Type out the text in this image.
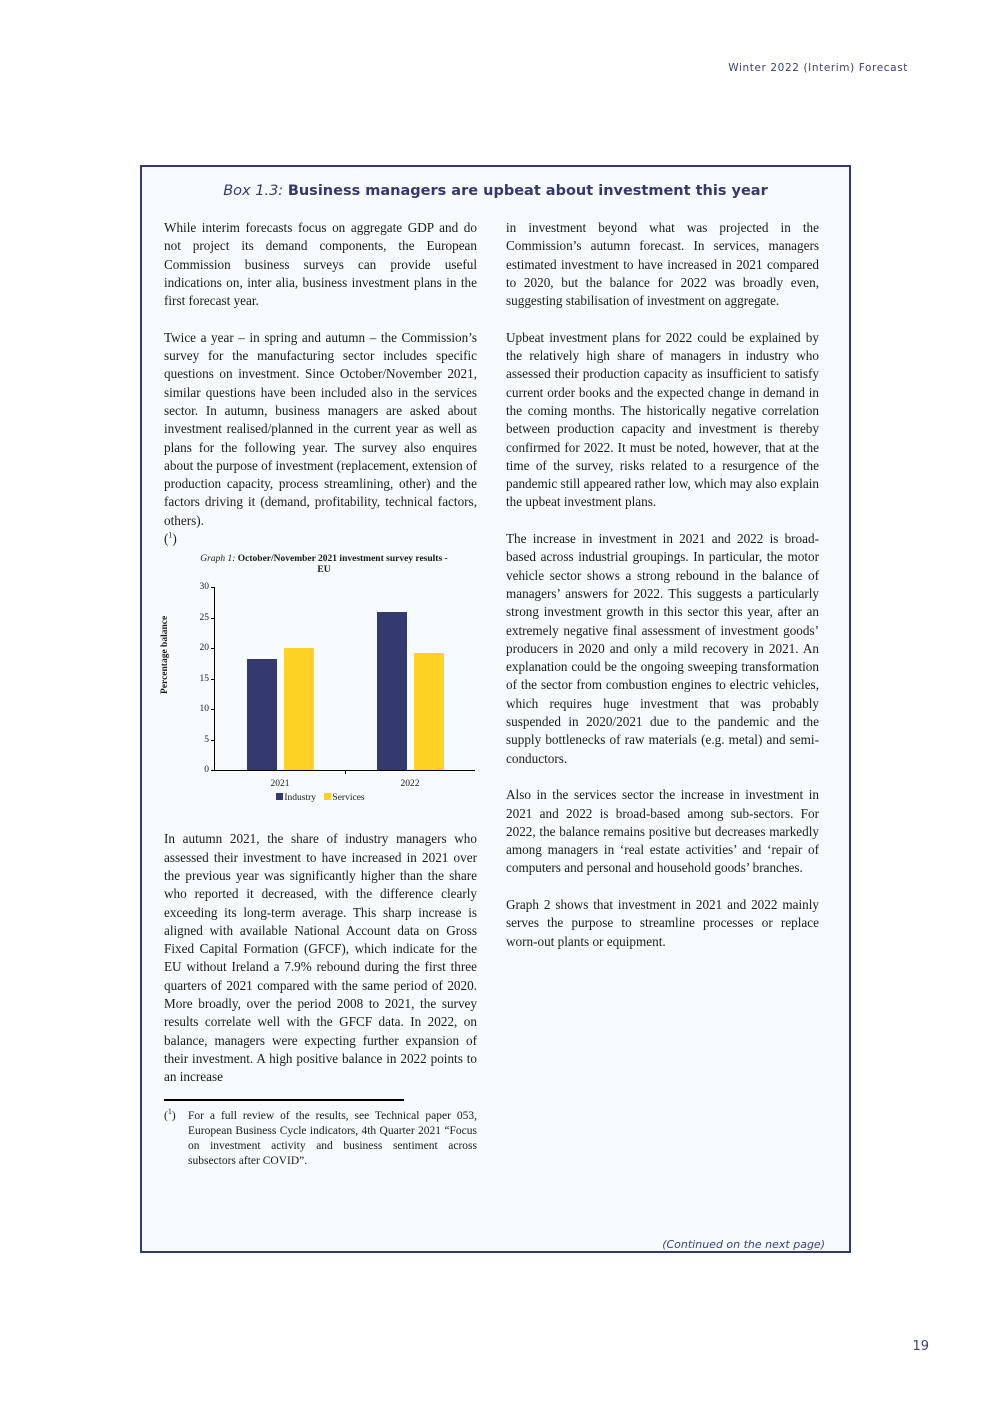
Winter 2022 (Interim) Forecast
Box 1.3: Business managers are upbeat about investment this year

While interim forecasts focus on aggregate GDP and do not project its demand components, the European Commission business surveys can provide useful indications on, inter alia, business investment plans in the first forecast year.

Twice a year – in spring and autumn – the Commission’s survey for the manufacturing sector includes specific questions on investment. Since October/November 2021, similar questions have been included also in the services sector. In autumn, business managers are asked about investment realised/planned in the current year as well as plans for the following year. The survey also enquires about the purpose of investment (replacement, extension of production capacity, process streamlining, other) and the factors driving it (demand, profitability, technical factors, others).
($^1$)

Graph 1: October/November 2021 investment survey results - EU
Percentage balance
0
5
10
15
20
25
30
2021	2022
Industry Services

In autumn 2021, the share of industry managers who assessed their investment to have increased in 2021 over the previous year was significantly higher than the share who reported it decreased, with the difference clearly exceeding its long-term average. This sharp increase is aligned with available National Account data on Gross Fixed Capital Formation (GFCF), which indicate for the EU without Ireland a 7.9% rebound during the first three quarters of 2021 compared with the same period of 2020. More broadly, over the period 2008 to 2021, the survey results correlate well with the GFCF data. In 2022, on balance, managers were expecting further expansion of their investment. A high positive balance in 2022 points to an increase

($^1$)	For a full review of the results, see Technical paper 053, European Business Cycle indicators, 4th Quarter 2021 “Focus on investment activity and business sentiment across subsectors after COVID”.

in investment beyond what was projected in the Commission’s autumn forecast. In services, managers estimated investment to have increased in 2021 compared to 2020, but the balance for 2022 was broadly even, suggesting stabilisation of investment on aggregate.

Upbeat investment plans for 2022 could be explained by the relatively high share of managers in industry who assessed their production capacity as insufficient to satisfy current order books and the expected change in demand in the coming months. The historically negative correlation between production capacity and investment is thereby confirmed for 2022. It must be noted, however, that at the time of the survey, risks related to a resurgence of the pandemic still appeared rather low, which may also explain the upbeat investment plans.

The increase in investment in 2021 and 2022 is broad-based across industrial groupings. In particular, the motor vehicle sector shows a strong rebound in the balance of managers’ answers for 2022. This suggests a particularly strong investment growth in this sector this year, after an extremely negative final assessment of investment goods’ producers in 2020 and only a mild recovery in 2021. An explanation could be the ongoing sweeping transformation of the sector from combustion engines to electric vehicles, which requires huge investment that was probably suspended in 2020/2021 due to the pandemic and the supply bottlenecks of raw materials (e.g. metal) and semi-conductors.

Also in the services sector the increase in investment in 2021 and 2022 is broad-based among sub-sectors. For 2022, the balance remains positive but decreases markedly among managers in ‘real estate activities’ and ‘repair of computers and personal and household goods’ branches.

Graph 2 shows that investment in 2021 and 2022 mainly serves the purpose to streamline processes or replace worn-out plants or equipment.

(Continued on the next page)
19
